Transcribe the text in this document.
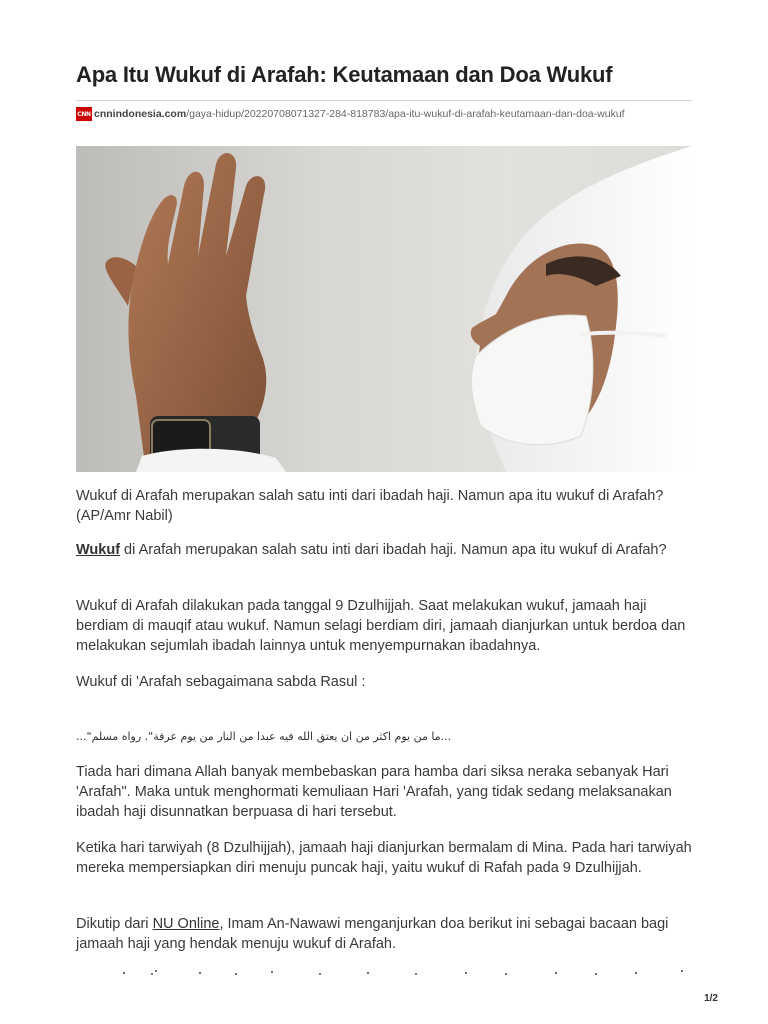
Apa Itu Wukuf di Arafah: Keutamaan dan Doa Wukuf
CNN cnnindonesia.com /gaya-hidup/20220708071327-284-818783/apa-itu-wukuf-di-arafah-keutamaan-dan-doa-wukuf

Wukuf di Arafah merupakan salah satu inti dari ibadah haji. Namun apa itu wukuf di Arafah? (AP/Amr Nabil)

Wukuf di Arafah merupakan salah satu inti dari ibadah haji. Namun apa itu wukuf di Arafah?

Wukuf di Arafah dilakukan pada tanggal 9 Dzulhijjah. Saat melakukan wukuf, jamaah haji berdiam di mauqif atau wukuf. Namun selagi berdiam diri, jamaah dianjurkan untuk berdoa dan melakukan sejumlah ibadah lainnya untuk menyempurnakan ibadahnya.

Wukuf di 'Arafah sebagaimana sabda Rasul :

..."ما من يوم اكثر من ان يعتق الله فيه عبدا من النار من يوم عرفة". رواه مسلم...

Tiada hari dimana Allah banyak membebaskan para hamba dari siksa neraka sebanyak Hari 'Arafah". Maka untuk menghormati kemuliaan Hari 'Arafah, yang tidak sedang melaksanakan ibadah haji disunnatkan berpuasa di hari tersebut.

Ketika hari tarwiyah (8 Dzulhijjah), jamaah haji dianjurkan bermalam di Mina. Pada hari tarwiyah mereka mempersiapkan diri menuju puncak haji, yaitu wukuf di Rafah pada 9 Dzulhijjah.

Dikutip dari NU Online, Imam An-Nawawi menganjurkan doa berikut ini sebagai bacaan bagi jamaah haji yang hendak menuju wukuf di Arafah.

1/2
